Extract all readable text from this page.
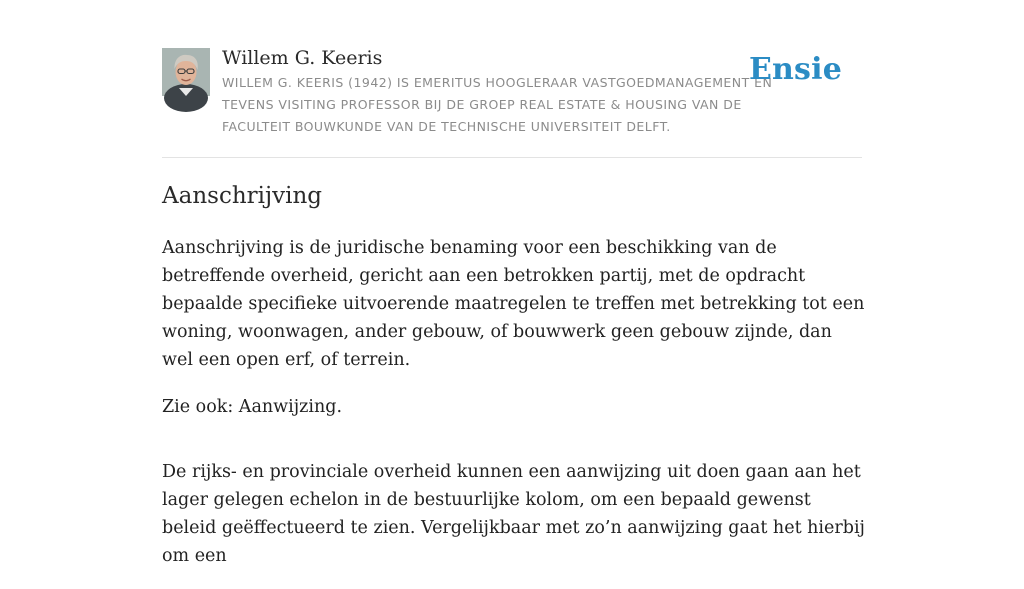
Willem G. Keeris
WILLEM G. KEERIS (1942) IS EMERITUS HOOGLERAAR VASTGOEDMANAGEMENT EN TEVENS VISITING PROFESSOR BIJ DE GROEP REAL ESTATE & HOUSING VAN DE FACULTEIT BOUWKUNDE VAN DE TECHNISCHE UNIVERSITEIT DELFT.
Ensie
Aanschrijving

Aanschrijving is de juridische benaming voor een beschikking van de betreffende overheid, gericht aan een betrokken partij, met de opdracht bepaalde specifieke uitvoerende maatregelen te treffen met betrekking tot een woning, woonwagen, ander gebouw, of bouwwerk geen gebouw zijnde, dan wel een open erf, of terrein.

Zie ook: Aanwijzing.

De rijks- en provinciale overheid kunnen een aanwijzing uit doen gaan aan het lager gelegen echelon in de bestuurlijke kolom, om een bepaald gewenst beleid geëffectueerd te zien. Vergelijkbaar met zo’n aanwijzing gaat het hierbij om een
